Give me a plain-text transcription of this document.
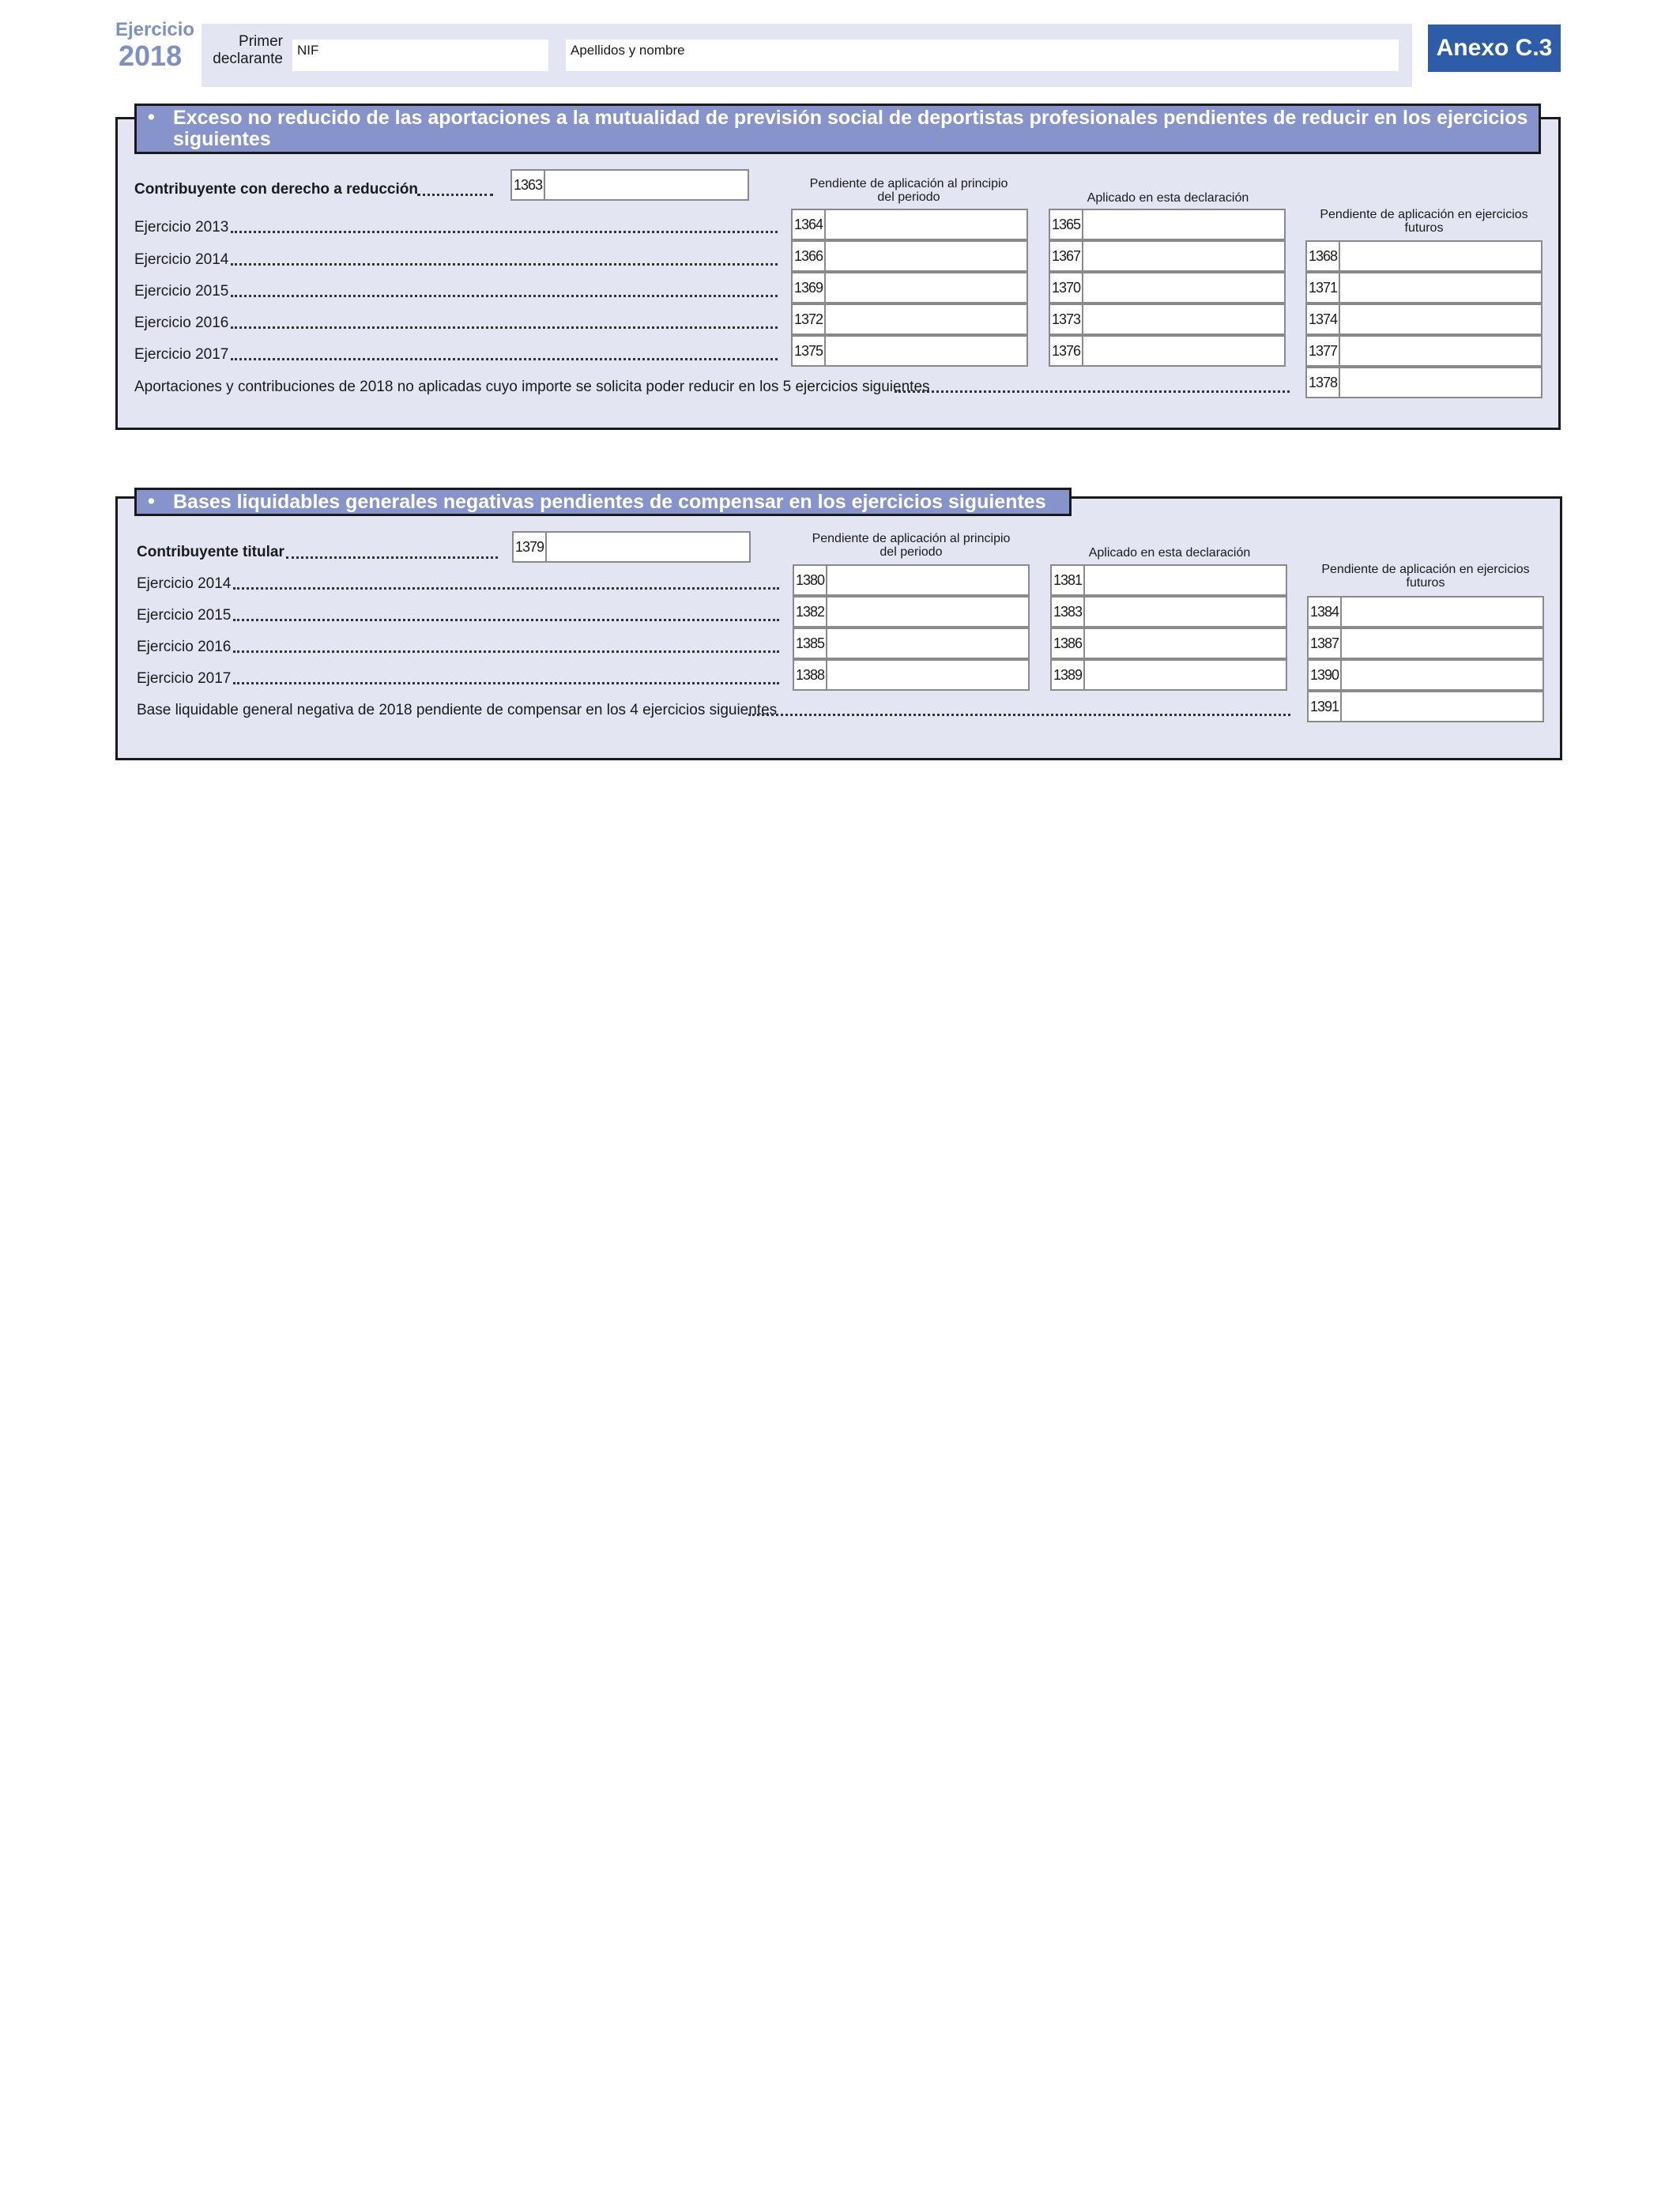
Ejercicio
2018	Primer
declarante
NIF	Apellidos y nombre	Anexo C.3
• Exceso no reducido de las aportaciones a la mutualidad de previsión social de deportistas profesionales pendientes de reducir en los ejercicios
siguientes
Contribuyente con derecho a reducción	1363	Pendiente de aplicación al principio
del periodo	Aplicado en esta declaración
Pendiente de aplicación en ejercicios
futuros
Ejercicio 2013	1364	1365
Ejercicio 2014	1366	1367	1368
Ejercicio 2015	1369	1370	1371
Ejercicio 2016	1372	1373	1374
Ejercicio 2017	1375	1376	1377
Aportaciones y contribuciones de 2018 no aplicadas cuyo importe se solicita poder reducir en los 5 ejercicios siguientes	1378
• Bases liquidables generales negativas pendientes de compensar en los ejercicios siguientes
Contribuyente titular	1379	Pendiente de aplicación al principio
del periodo	Aplicado en esta declaración
Pendiente de aplicación en ejercicios
futuros
Ejercicio 2014	1380	1381
Ejercicio 2015	1382	1383	1384
Ejercicio 2016	1385	1386	1387
Ejercicio 2017	1388	1389	1390
Base liquidable general negativa de 2018 pendiente de compensar en los 4 ejercicios siguientes	1391
